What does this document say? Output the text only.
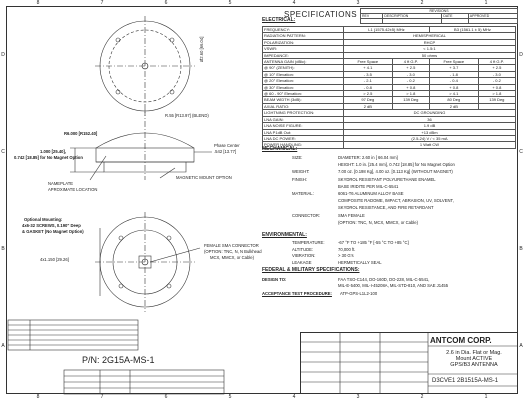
8	7	6	5	4	3	2	1
8	7	6	5	4	3	2	1
D
C
B
A
D
C
B
A
REVISIONS			
REV	DESCRIPTION	DATE	APPROVED

SPECIFICATIONS
ELECTRICAL:
FREQUENCY:	L1 (1575.42±5) MHz		B3 (1561.1 ± 5) MHz	
RADIATION PATTERN:	HEMISPHERICAL			
POLARIZATION:	RHCP			
VSWR:	< 1.5:1			
IMPEDANCE:	50 ohms			
ANTENNA GAIN (dBic):	Free Space	4 ft G.P.	Free Space	4 ft G.P.
@ 90° (ZENITH):	+ 4.1	+ 2.5	+ 3.7	+ 2.5
@ 10° Elevation:	- 3.5	- 3.0	- 1.8	- 3.0
@ 20° Elevation:	- 2.1	- 0.2	- 0.4	- 0.2
@ 30° Elevation:	- 0.8	+ 0.8	+ 0.8	+ 0.8
@ 60 - 90° Elevation:	> 2.5	> 1.8	> 4.1	> 1.8
BEAM WIDTH (3dB):	97 Deg	139 Deg	80 Deg	139 Deg
AXIAL RATIO:	2 dB		2 dB	
LIGHTNING PROTECTION:	DC GROUNDING			
LNA GAIN:	36			
LNA NOISE FIGURE:	1.9 dB			
LNA P1dB Out:	+13 dBm			
LNA DC POWER:	(2.5-24) V / < 35 mA			
POWER HANDLING:	1 Watt CW			
MECHANICAL:
SIZE:	DIAMETER: 2.60 in [ 66.04 mm]
HEIGHT: 1.0 in. [25.4 mm], 0.742 [18.85] for No Magnet Option
WEIGHT:	7.00 oz. [0.198 Kg], 4.00 oz. [0.113 Kg] (WITHOUT MAGNET)
FINISH:	SKYDROL RESISTANT POLYURETHANE ENAMEL
BASE IRIDITE PER MIL-C-5541
MATERIAL:	6061-T6 ALUMINUM ALLOY BASE
COMPOSITE RADOME, IMPACT, ABRASION, UV, SOLVENT,
SKYDROL RESISTANCE, AND FIRE RETARDANT
CONNECTOR:	SMA FEMALE
(OPTION: TNC, N, MCX, MMCX, or Cable)
ENVIRONMENTAL:
TEMPERATURE:	-67 °F TO +185 °F [-55 °C TO +85 °C]
ALTITUDE:	70,000 ft.
VIBRATION:	> 30 G's
LEAKAGE	HERMETICALLY SEAL
FEDERAL & MILITARY SPECIFICATIONS:
DESIGN TO:	FAA TSO-C144, DO-160D, DO-228, MIL-C-5541,
MIL-E-5400, MIL-I-45208A, MIL-STD-810, AND SAE J1455
ACCEPTANCE TEST PROCEDURE: ATP-GPS-L1L2-100
Ø2.60 [66.04]
R6.000 [R152.40]
R.55 [R13.97] (BLEND)
1.000 [25.40],
0.742 [18.85] for No Magnet Option
Phase Center
.542 [13.77]
NAMEPLATE
APROXIMATE LOCATION
MAGNETIC MOUNT OPTION
Optional Mounting:
4x6-32 SCREWS, 0.190" Deep
& GASKET (No Magnet Option)
4x1.150 [29.26]
FEMALE SMA CONNECTOR
(OPTION: TNC, N, N Bulkhead
MCX, MMCX, or Cable)
P/N: 2G15A-MS-1
ANTCOM CORP.
2.6 in Dia. Flat or Mag.
Mount ACTIVE
GPS/B3 ANTENNA
D3CVE1 2B1515A-MS-1
